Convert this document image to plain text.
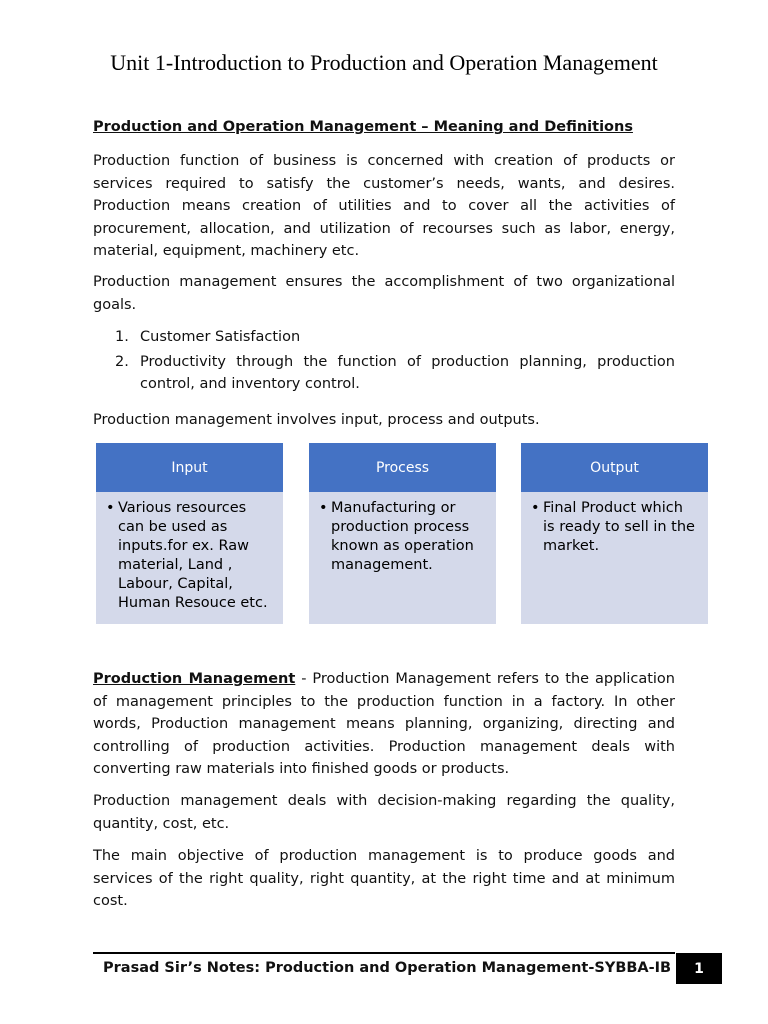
Unit 1-Introduction to Production and Operation Management
Production and Operation Management – Meaning and Definitions

Production function of business is concerned with creation of products or services required to satisfy the customer’s needs, wants, and desires. Production means creation of utilities and to cover all the activities of procurement, allocation, and utilization of recourses such as labor, energy, material, equipment, machinery etc.

Production management ensures the accomplishment of two organizational goals.

1. Customer Satisfaction
2. Productivity through the function of production planning, production control, and inventory control.

Production management involves input, process and outputs.

Input
• Various resources can be used as inputs.for ex. Raw material, Land , Labour, Capital, Human Resouce etc.
Process
• Manufacturing or production process known as operation management.
Output
• Final Product which is ready to sell in the market.

Production Management - Production Management refers to the application of management principles to the production function in a factory. In other words, Production management means planning, organizing, directing and controlling of production activities. Production management deals with converting raw materials into finished goods or products.

Production management deals with decision-making regarding the quality, quantity, cost, etc.

The main objective of production management is to produce goods and services of the right quality, right quantity, at the right time and at minimum cost.

Prasad Sir’s Notes: Production and Operation Management-SYBBA-IB	1
